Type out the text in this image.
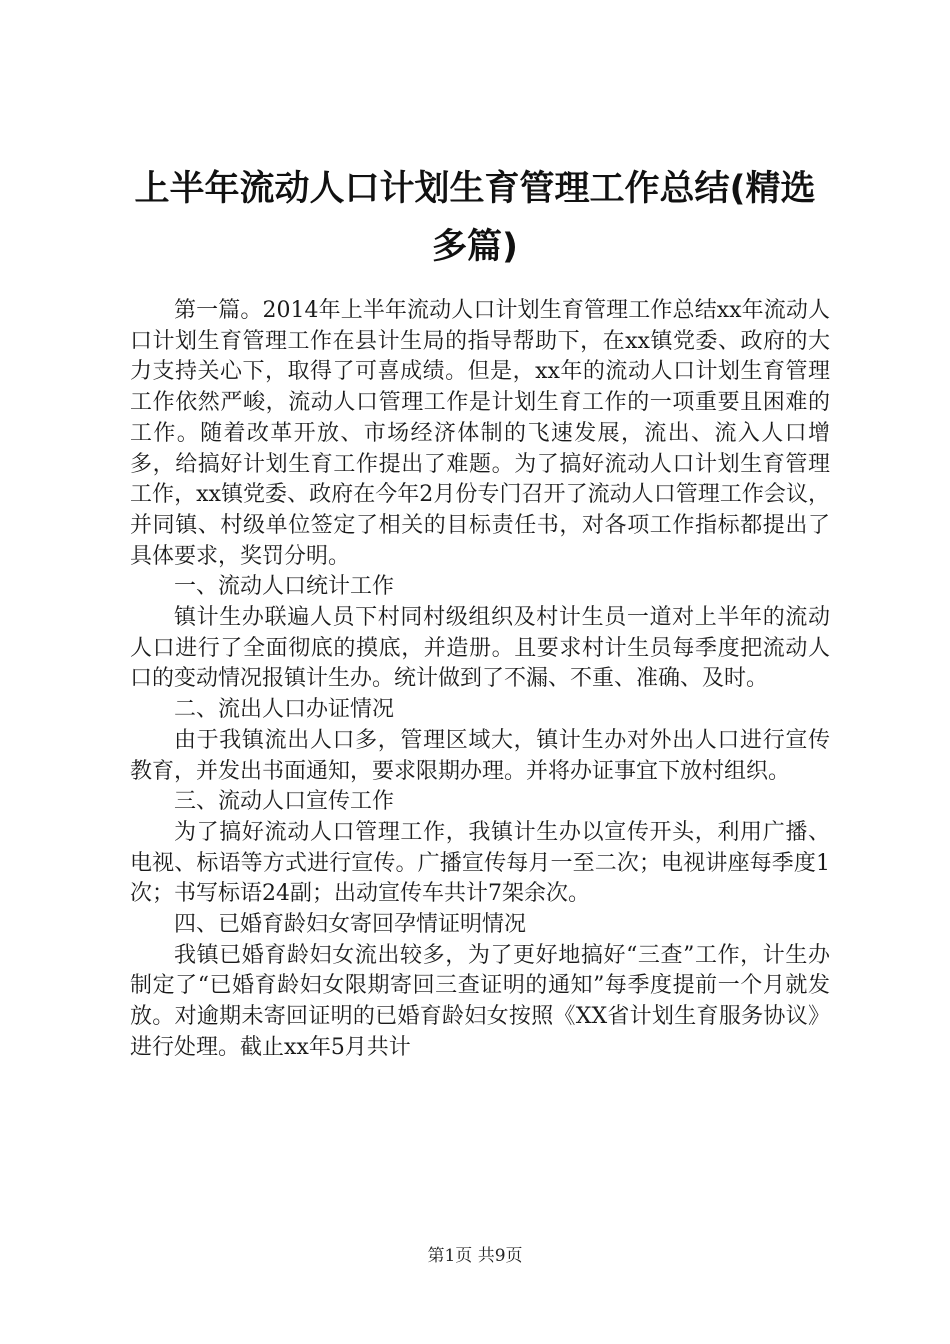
上半年流动人口计划生育管理工作总结(精选多篇)

第一篇。2014年上半年流动人口计划生育管理工作总结xx年流动人口计划生育管理工作在县计生局的指导帮助下，在xx镇党委、政府的大力支持关心下，取得了可喜成绩。但是，xx年的流动人口计划生育管理工作依然严峻，流动人口管理工作是计划生育工作的一项重要且困难的工作。随着改革开放、市场经济体制的飞速发展，流出、流入人口增多，给搞好计划生育工作提出了难题。为了搞好流动人口计划生育管理工作，xx镇党委、政府在今年2月份专门召开了流动人口管理工作会议，并同镇、村级单位签定了相关的目标责任书，对各项工作指标都提出了具体要求，奖罚分明。

一、流动人口统计工作

镇计生办联遍人员下村同村级组织及村计生员一道对上半年的流动人口进行了全面彻底的摸底，并造册。且要求村计生员每季度把流动人口的变动情况报镇计生办。统计做到了不漏、不重、准确、及时。

二、流出人口办证情况

由于我镇流出人口多，管理区域大，镇计生办对外出人口进行宣传教育，并发出书面通知，要求限期办理。并将办证事宜下放村组织。

三、流动人口宣传工作

为了搞好流动人口管理工作，我镇计生办以宣传开头，利用广播、电视、标语等方式进行宣传。广播宣传每月一至二次；电视讲座每季度1次；书写标语24副；出动宣传车共计7架余次。

四、已婚育龄妇女寄回孕情证明情况

我镇已婚育龄妇女流出较多，为了更好地搞好“三查”工作，计生办制定了“已婚育龄妇女限期寄回三查证明的通知”每季度提前一个月就发放。对逾期未寄回证明的已婚育龄妇女按照《XX省计划生育服务协议》进行处理。截止xx年5月共计

第1页 共9页
